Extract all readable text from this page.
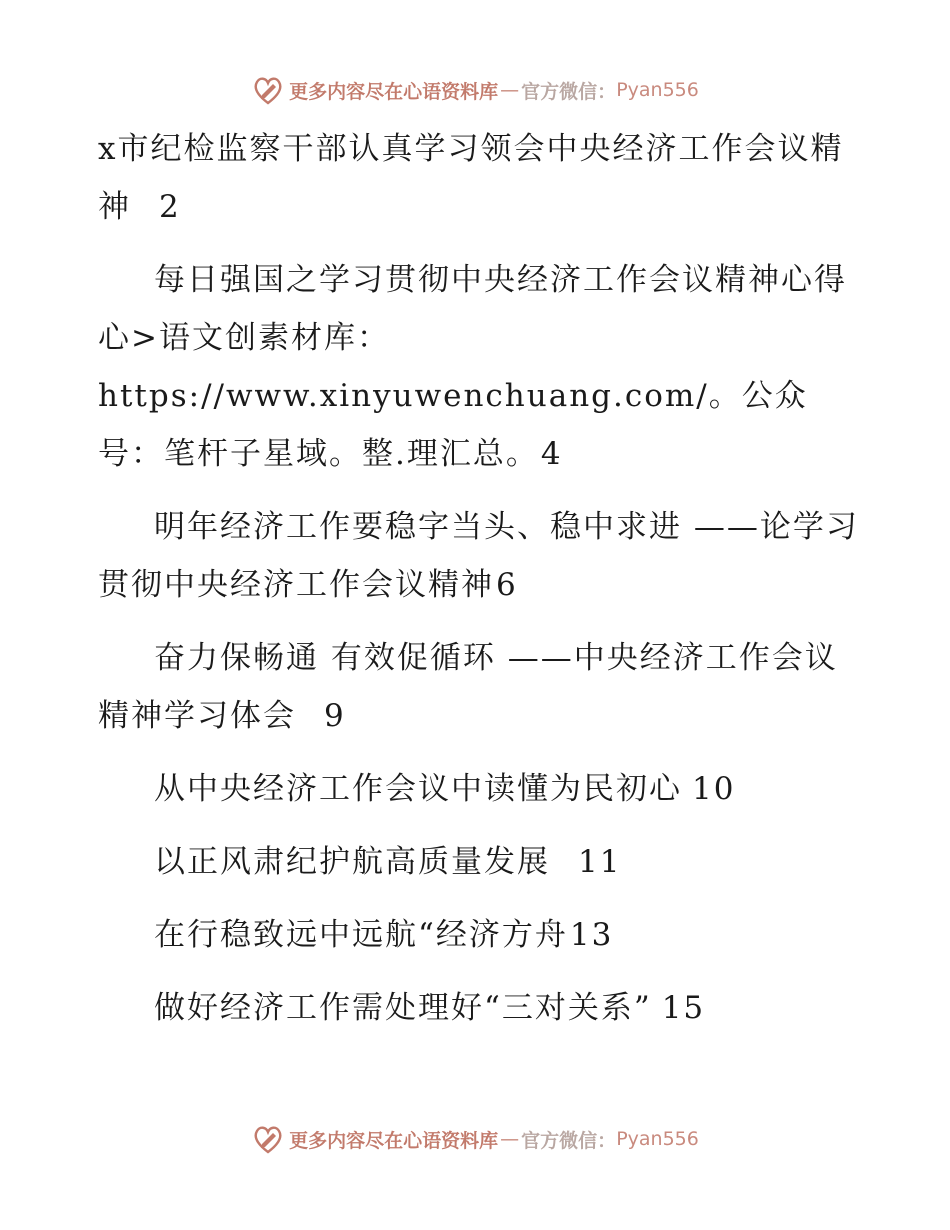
更多内容尽在心语资料库 — 官方微信： Pyan556
x市纪检监察干部认真学习领会中央经济工作会议精神 2
每日强国之学习贯彻中央经济工作会议精神心得 心>语文创素材库：https://www.xinyuwenchuang.com/。公众号：笔杆子星域。整.理汇总。4
明年经济工作要稳字当头、稳中求进 ——论学习贯彻中央经济工作会议精神6
奋力保畅通 有效促循环 ——中央经济工作会议精神学习体会 9
从中央经济工作会议中读懂为民初心 10
以正风肃纪护航高质量发展 11
在行稳致远中远航“经济方舟13
做好经济工作需处理好“三对关系” 15
更多内容尽在心语资料库 — 官方微信： Pyan556
